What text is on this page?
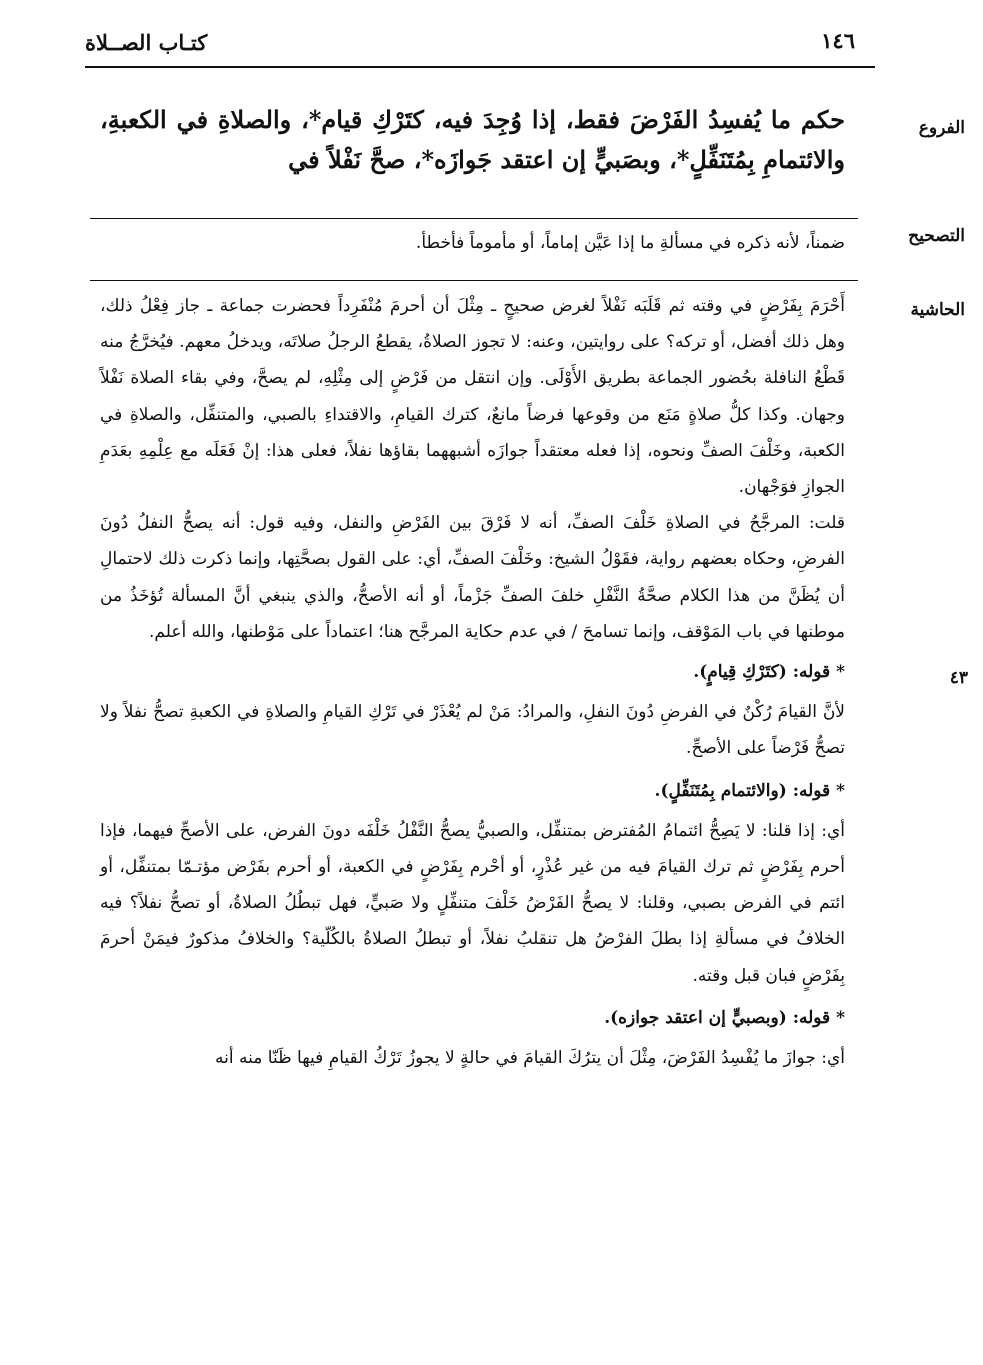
كتـاب الصــلاة	١٤٦
الفروع
التصحيح
الحاشية
٤٣
حكم ما يُفسِدُ الفَرْضَ فقط، إذا وُجِدَ فيه، كتَرْكِ قيام*، والصلاةِ في الكعبةِ، والائتمامِ بِمُتَنَفِّلٍ*، وبصَبيٍّ إن اعتقد جَوازَه*، صحَّ نَفْلاً في
ضمناً، لأنه ذكره في مسألةِ ما إذا عَيَّن إماماً، أو مأموماً فأخطأ.

أَحْرَمَ بِفَرْضٍ في وقته ثم قَلَبَه نَفْلاً لغرض صحيحٍ ـ مِثْلَ أن أحرمَ مُنْفَرِداً فحضرت جماعة ـ جاز فِعْلُ ذلك، وهل ذلك أفضل، أو تركه؟ على روايتين، وعنه: لا تجوز الصلاةُ، يقطعُ الرجلُ صلاتَه، ويدخلُ معهم. فيُخرَّجُ منه قَطْعُ النافلة بحُضور الجماعة بطريق الأَوْلَى. وإن انتقل من فَرْضٍ إلى مِثْلِهِ، لم يصحَّ، وفي بقاء الصلاة نَفْلاً وجهان. وكذا كلُّ صلاةٍ مَنَع من وقوعها فرضاً مانعٌ، كترك القيامِ، والاقتداءِ بالصبي، والمتنفِّل، والصلاةِ في الكعبة، وخَلْفَ الصفِّ ونحوه، إذا فعله معتقداً جوازَه أشبههما بقاؤها نفلاً، فعلى هذا: إنْ فَعَلَه مع عِلْمِهِ بعَدَمِ الجوازِ فوَجْهان.

قلت: المرجَّحُ في الصلاةِ خَلْفَ الصفِّ، أنه لا فَرْقَ بين الفَرْضِ والنفل، وفيه قول: أنه يصحُّ النفلُ دُونَ الفرضِ، وحكاه بعضهم رواية، فقَوْلُ الشيخ: وخَلْفَ الصفِّ، أي: على القول بصحَّتِها، وإنما ذكرت ذلك لاحتمالِ أن يُظَنَّ من هذا الكلام صحَّةُ النَّفْلِ خلفَ الصفِّ جَزْماً، أو أنه الأصحُّ، والذي ينبغي أنَّ المسألة تُؤخَذُ من موطنها في باب المَوْقف، وإنما تسامحَ / في عدم حكاية المرجَّح هنا؛ اعتماداً على مَوْطنها، والله أعلم.

* قوله: (كتَرْكِ قِيامٍ).

لأنَّ القيامَ رُكْنٌ في الفرضِ دُونَ النفلِ، والمرادُ: مَنْ لم يُعْذَرْ في تَرْكِ القيامِ والصلاةِ في الكعبةِ تصحُّ نفلاً ولا تصحُّ فَرْضاً على الأصحِّ.

* قوله: (والائتمام بِمُتَنَفِّلٍ).

أي: إذا قلنا: لا يَصِحُّ ائتمامُ المُفترض بمتنفِّل، والصبيُّ يصحُّ النَّفْلُ خَلْفَه دونَ الفرض، على الأصحِّ فيهما، فإذا أحرم بِفَرْضٍ ثم ترك القيامَ فيه من غير عُذْرٍ، أو أحْرم بِفَرْضٍ في الكعبة، أو أحرم بفَرْض مؤتـمّا بمتنفِّل، أو ائتم في الفرض بصبي، وقلنا: لا يصحُّ الفَرْضُ خَلْفَ متنفِّلٍ ولا صَبيٍّ، فهل تبطُلُ الصلاةُ، أو تصحُّ نفلاً؟ فيه الخلافُ في مسألةِ إذا بطلَ الفرْضُ هل تنقلبُ نفلاً، أو تبطلُ الصلاةُ بالكُلّية؟ والخلافُ مذكورٌ فيمَنْ أحرمَ بِفَرْضٍ فبان قبل وقته.

* قوله: (وبصبيٍّ إن اعتقد جوازه).

أي: جوازَ ما يُفْسِدُ الفَرْضَ، مِثْلَ أن يترُكَ القيامَ في حالةٍ لا يجوزُ تَرْكُ القيامِ فيها ظَنّا منه أنه
